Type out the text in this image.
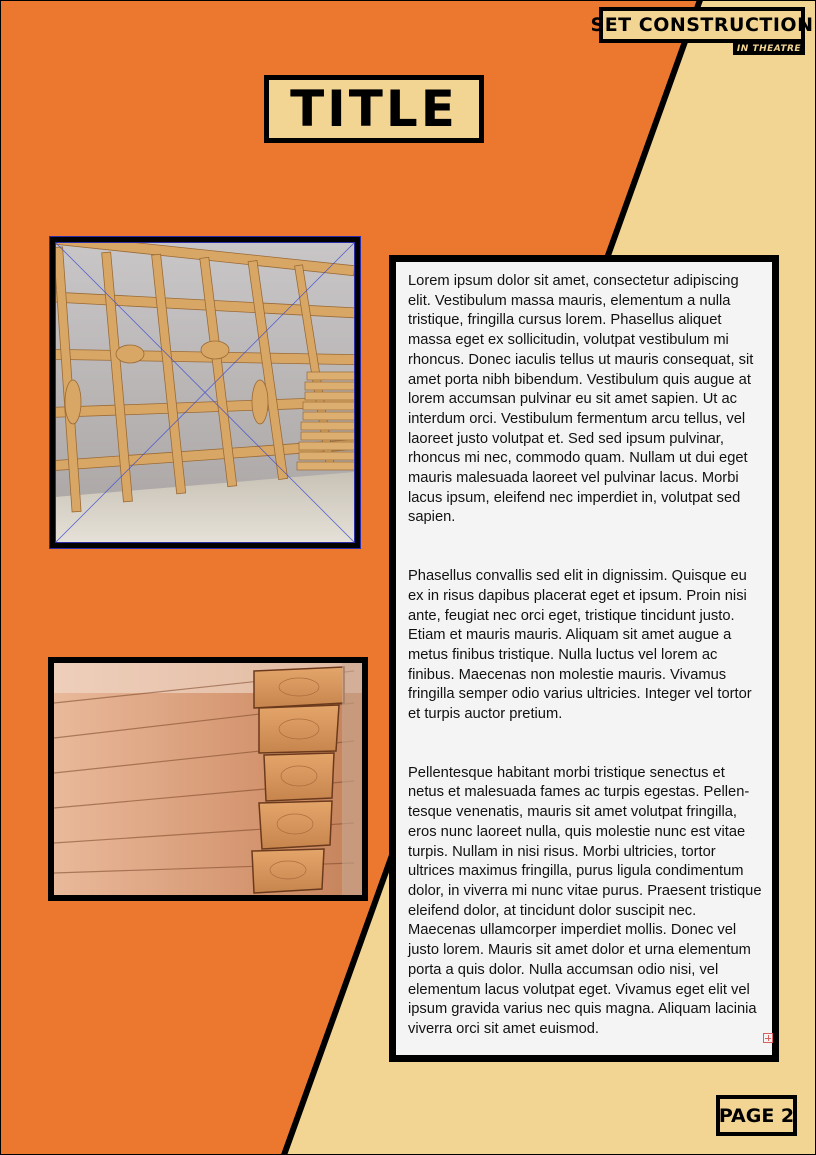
SET CONSTRUCTION
IN THEATRE
TITLE

Lorem ipsum dolor sit amet, consectetur adipiscing elit. Vestibulum massa mauris, elementum a nulla tristique, fringilla cursus lorem. Phasellus aliquet massa eget ex sollicitudin, volutpat vestibulum mi rhoncus. Donec iaculis tellus ut mauris consequat, sit amet porta nibh bibendum. Vestibulum quis augue at lorem accumsan pulvinar eu sit amet sapien. Ut ac interdum orci. Vestibulum fermentum arcu tellus, vel laoreet justo volutpat et. Sed sed ipsum pulvinar, rhoncus mi nec, commodo quam. Nullam ut dui eget mauris malesuada laoreet vel pulvinar lacus. Morbi lacus ipsum, eleifend nec imperdiet in, volutpat sed sapien.

Phasellus convallis sed elit in dignissim. Quisque eu ex in risus dapibus placerat eget et ipsum. Proin nisi ante, feugiat nec orci eget, tristique tincidunt justo. Etiam et mauris mauris. Aliquam sit amet augue a metus finibus tristique. Nulla luctus vel lorem ac finibus. Maecenas non molestie mauris. Vivamus fringilla semper odio varius ultricies. Integer vel tortor et turpis auctor pretium.

Pellentesque habitant morbi tristique senectus et netus et malesuada fames ac turpis egestas. Pellentesque venenatis, mauris sit amet volutpat fringilla, eros nunc laoreet nulla, quis molestie nunc est vitae turpis. Nullam in nisi risus. Morbi ultricies, tortor ultrices maximus fringilla, purus ligula condimentum dolor, in viverra mi nunc vitae purus. Praesent tristique eleifend dolor, at tincidunt dolor suscipit nec. Maecenas ullamcorper imperdiet mollis. Donec vel justo lorem. Mauris sit amet dolor et urna elementum porta a quis dolor. Nulla accumsan odio nisi, vel elementum lacus volutpat eget. Vivamus eget elit vel ipsum gravida varius nec quis magna. Aliquam lacinia viverra orci sit amet euismod.

PAGE 2
